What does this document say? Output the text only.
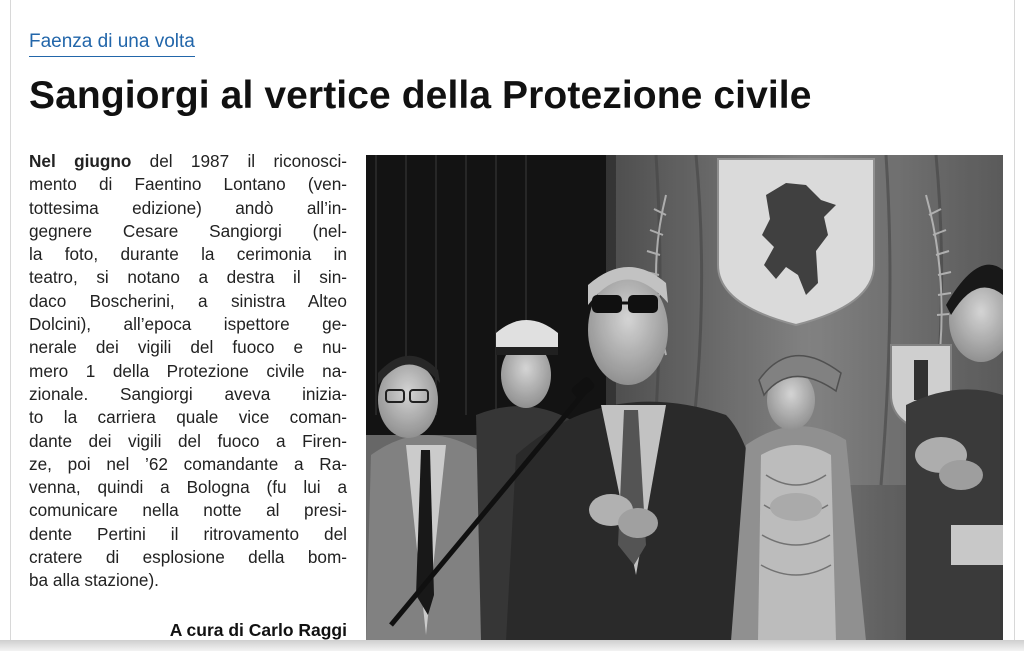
Faenza di una volta
Sangiorgi al vertice della Protezione civile
Nel giugno del 1987 il riconosci-
mento di Faentino Lontano (ven-
tottesima edizione) andò all’in-
gegnere Cesare Sangiorgi (nel-
la foto, durante la cerimonia in
teatro, si notano a destra il sin-
daco Boscherini, a sinistra Alteo
Dolcini), all’epoca ispettore ge-
nerale dei vigili del fuoco e nu-
mero 1 della Protezione civile na-
zionale. Sangiorgi aveva inizia-
to la carriera quale vice coman-
dante dei vigili del fuoco a Firen-
ze, poi nel ’62 comandante a Ra-
venna, quindi a Bologna (fu lui a
comunicare nella notte al presi-
dente Pertini il ritrovamento del
cratere di esplosione della bom-
ba alla stazione).
A cura di Carlo Raggi
